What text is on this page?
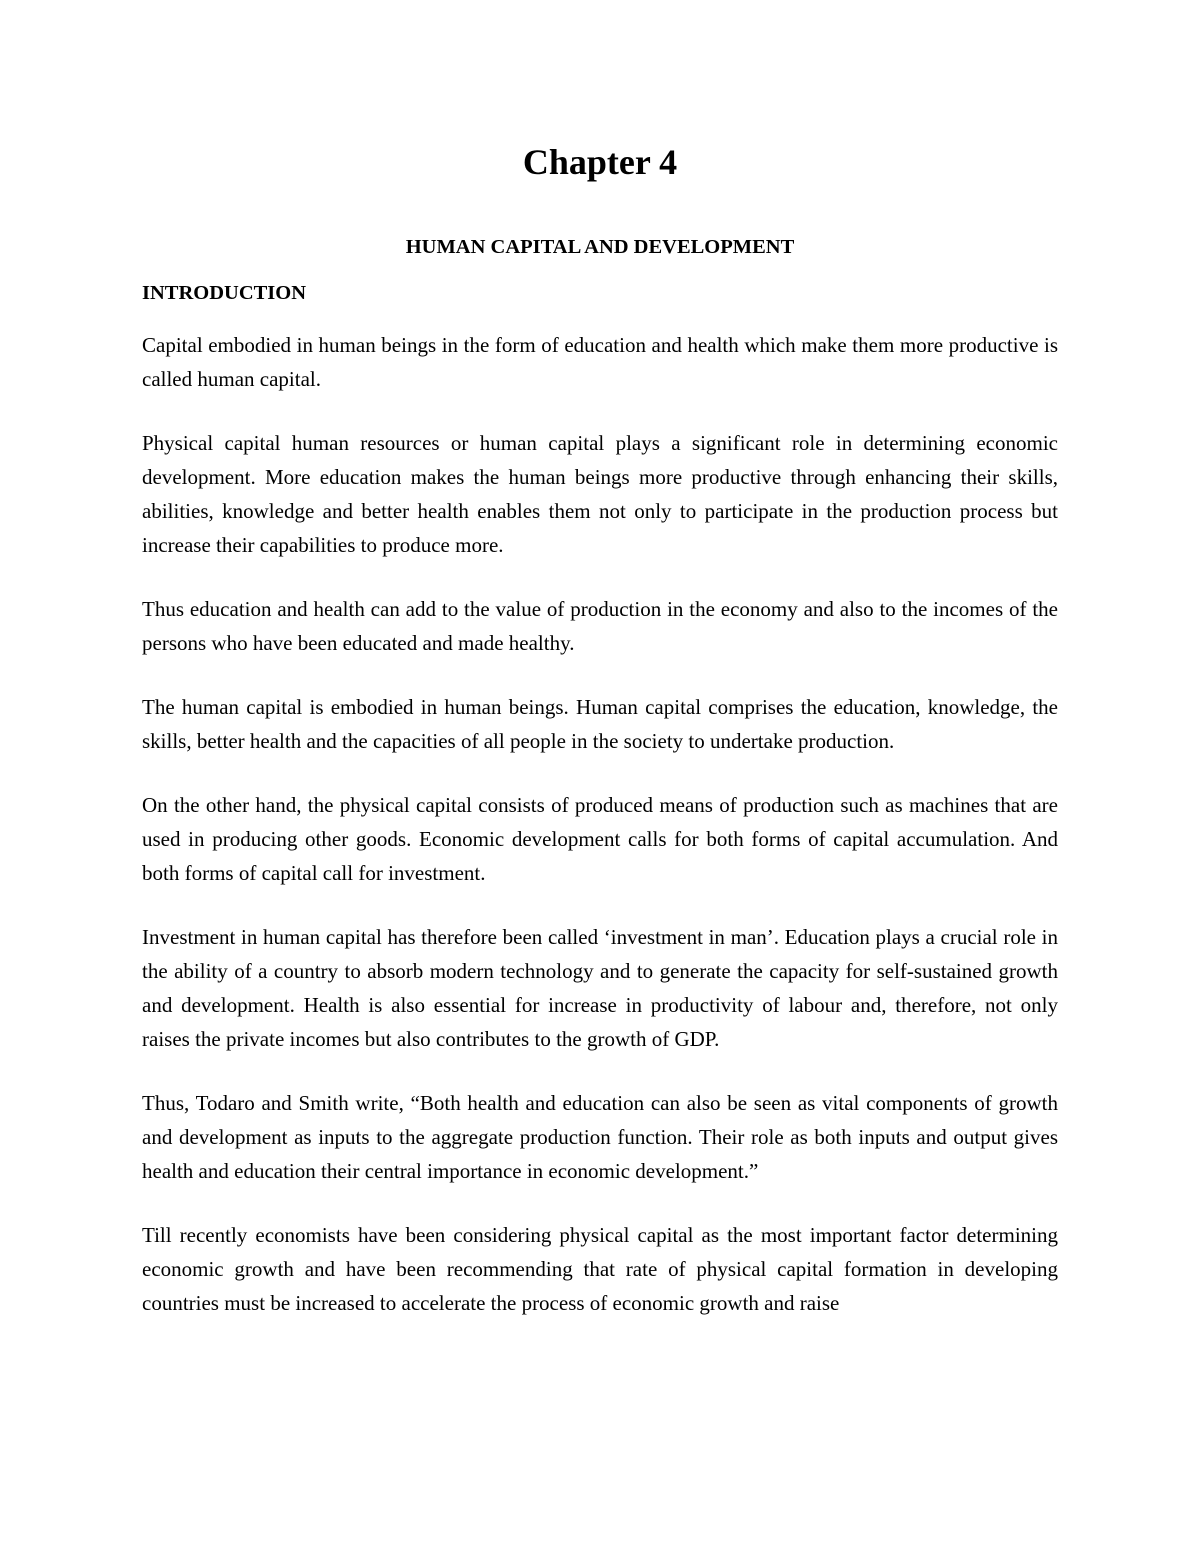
Chapter 4
HUMAN CAPITAL AND DEVELOPMENT
INTRODUCTION

Capital embodied in human beings in the form of education and health which make them more productive is called human capital.

Physical capital human resources or human capital plays a significant role in determining economic development. More education makes the human beings more productive through enhancing their skills, abilities, knowledge and better health enables them not only to participate in the production process but increase their capabilities to produce more.

Thus education and health can add to the value of production in the economy and also to the incomes of the persons who have been educated and made healthy.

The human capital is embodied in human beings. Human capital comprises the education, knowledge, the skills, better health and the capacities of all people in the society to undertake production.

On the other hand, the physical capital consists of produced means of production such as machines that are used in producing other goods. Economic development calls for both forms of capital accumulation. And both forms of capital call for investment.

Investment in human capital has therefore been called ‘investment in man’. Education plays a crucial role in the ability of a country to absorb modern technology and to generate the capacity for self-sustained growth and development. Health is also essential for increase in productivity of labour and, therefore, not only raises the private incomes but also contributes to the growth of GDP.

Thus, Todaro and Smith write, “Both health and education can also be seen as vital components of growth and development as inputs to the aggregate production function. Their role as both inputs and output gives health and education their central importance in economic development.”

Till recently economists have been considering physical capital as the most important factor determining economic growth and have been recommending that rate of physical capital formation in developing countries must be increased to accelerate the process of economic growth and raise
